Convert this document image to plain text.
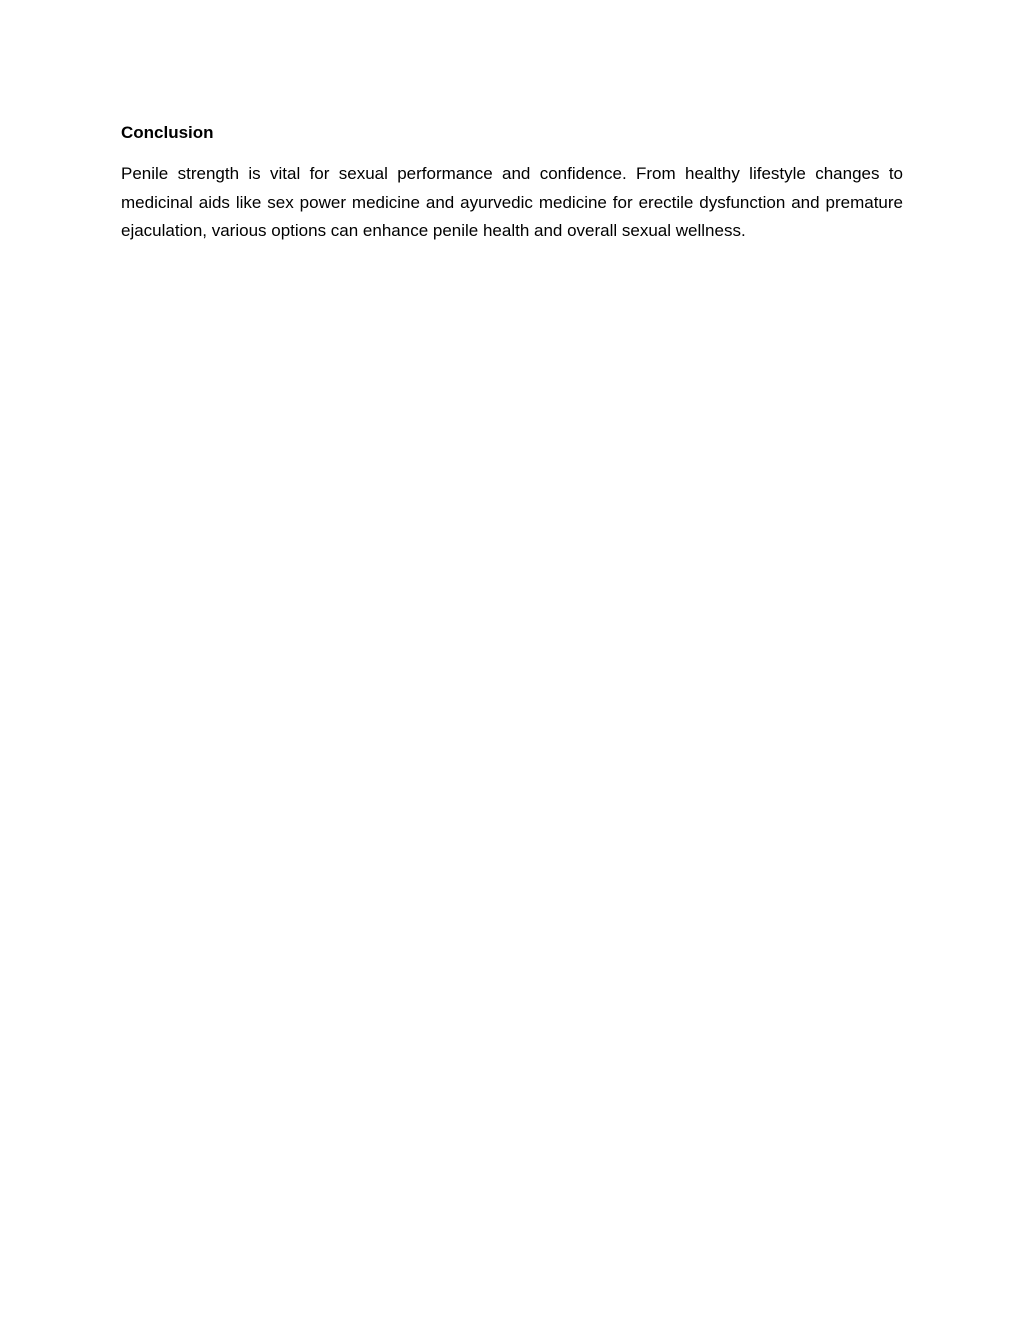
Conclusion

Penile strength is vital for sexual performance and confidence. From healthy lifestyle changes to medicinal aids like sex power medicine and ayurvedic medicine for erectile dysfunction and premature ejaculation, various options can enhance penile health and overall sexual wellness.
